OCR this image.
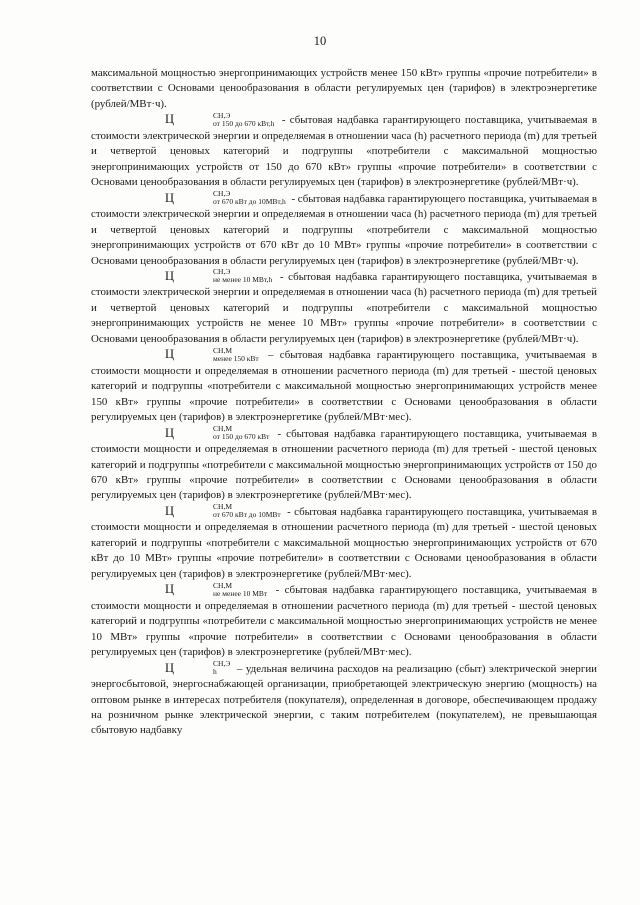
10

максимальной мощностью энергопринимающих устройств менее 150 кВт» группы «прочие потребители» в соответствии с Основами ценообразования в области регулируемых цен (тарифов) в электроэнергетике (рублей/МВт·ч).

Ц	СН,Э
от 150 до 670 кВт,h - сбытовая надбавка гарантирующего поставщика, учитываемая в стоимости электрической энергии и определяемая в отношении часа (h) расчетного периода (m) для третьей и четвертой ценовых категорий и подгруппы «потребители с максимальной мощностью энергопринимающих устройств от 150 до 670 кВт» группы «прочие потребители» в соответствии с Основами ценообразования в области регулируемых цен (тарифов) в электроэнергетике (рублей/МВт·ч).

Ц	СН,Э
от 670 кВт до 10МВт,h - сбытовая надбавка гарантирующего поставщика, учитываемая в стоимости электрической энергии и определяемая в отношении часа (h) расчетного периода (m) для третьей и четвертой ценовых категорий и подгруппы «потребители с максимальной мощностью энергопринимающих устройств от 670 кВт до 10 МВт» группы «прочие потребители» в соответствии с Основами ценообразования в области регулируемых цен (тарифов) в электроэнергетике (рублей/МВт·ч).

Ц	СН,Э
не менее 10 МВт,h - сбытовая надбавка гарантирующего поставщика, учитываемая в стоимости электрической энергии и определяемая в отношении часа (h) расчетного периода (m) для третьей и четвертой ценовых категорий и подгруппы «потребители с максимальной мощностью энергопринимающих устройств не менее 10 МВт» группы «прочие потребители» в соответствии с Основами ценообразования в области регулируемых цен (тарифов) в электроэнергетике (рублей/МВт·ч).

Ц	СН,М
менее 150 кВт – сбытовая надбавка гарантирующего поставщика, учитываемая в стоимости мощности и определяемая в отношении расчетного периода (m) для третьей - шестой ценовых категорий и подгруппы «потребители с максимальной мощностью энергопринимающих устройств менее 150 кВт» группы «прочие потребители» в соответствии с Основами ценообразования в области регулируемых цен (тарифов) в электроэнергетике (рублей/МВт·мес).

Ц	СН,М
от 150 до 670 кВт - сбытовая надбавка гарантирующего поставщика, учитываемая в стоимости мощности и определяемая в отношении расчетного периода (m) для третьей - шестой ценовых категорий и подгруппы «потребители с максимальной мощностью энергопринимающих устройств от 150 до 670 кВт» группы «прочие потребители» в соответствии с Основами ценообразования в области регулируемых цен (тарифов) в электроэнергетике (рублей/МВт·мес).

Ц	СН,М
от 670 кВт до 10МВт - сбытовая надбавка гарантирующего поставщика, учитываемая в стоимости мощности и определяемая в отношении расчетного периода (m) для третьей - шестой ценовых категорий и подгруппы «потребители с максимальной мощностью энергопринимающих устройств от 670 кВт до 10 МВт» группы «прочие потребители» в соответствии с Основами ценообразования в области регулируемых цен (тарифов) в электроэнергетике (рублей/МВт·мес).

Ц	СН,М
не менее 10 МВт - сбытовая надбавка гарантирующего поставщика, учитываемая в стоимости мощности и определяемая в отношении расчетного периода (m) для третьей - шестой ценовых категорий и подгруппы «потребители с максимальной мощностью энергопринимающих устройств не менее 10 МВт» группы «прочие потребители» в соответствии с Основами ценообразования в области регулируемых цен (тарифов) в электроэнергетике (рублей/МВт·мес).

Ц	СН,Э
h	– удельная величина расходов на реализацию (сбыт) электрической энергии энергосбытовой, энергоснабжающей организации, приобретающей электрическую энергию (мощность) на оптовом рынке в интересах потребителя (покупателя), определенная в договоре, обеспечивающем продажу на розничном рынке электрической энергии, с таким потребителем (покупателем), не превышающая сбытовую надбавку
